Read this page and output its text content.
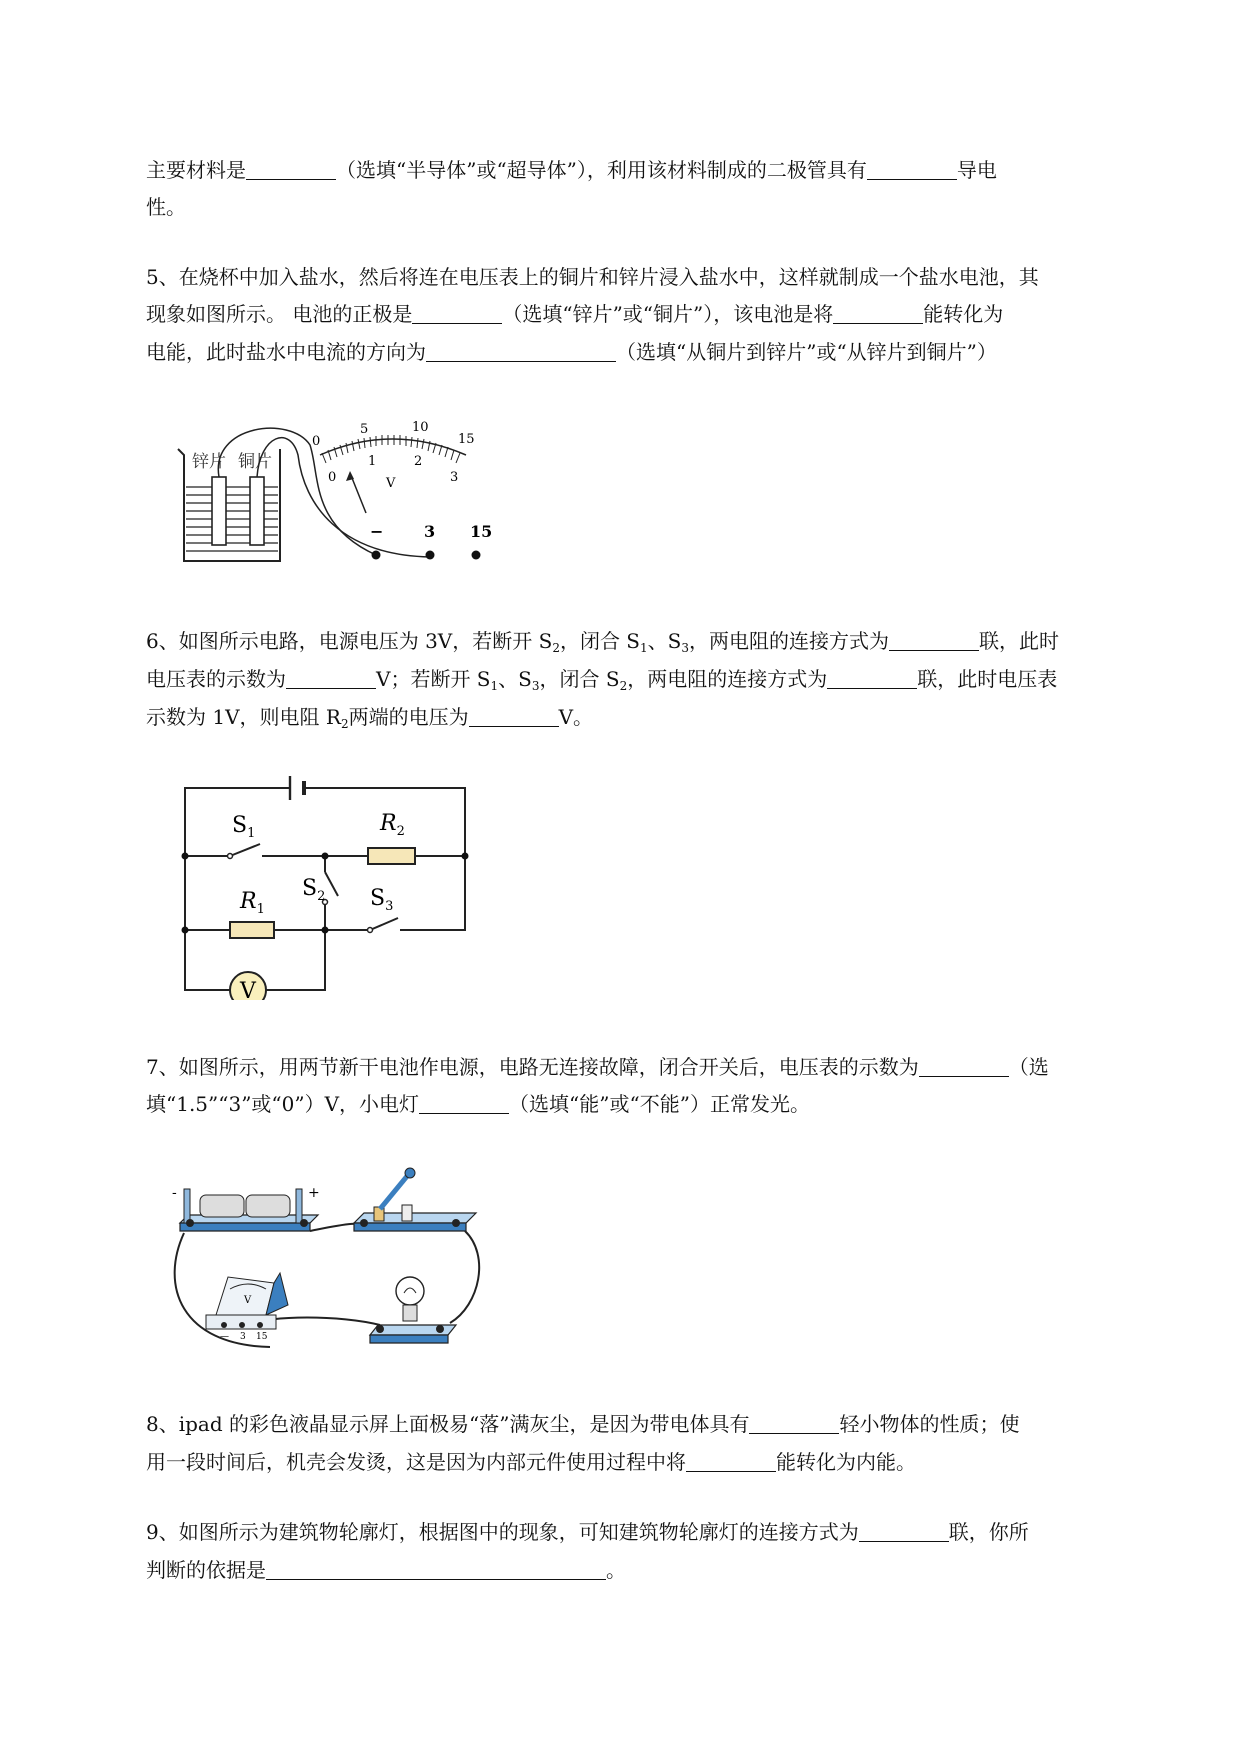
主要材料是	（选填“半导体”或“超导体”），利用该材料制成的二极管具有	导电
性。
5、在烧杯中加入盐水，然后将连在电压表上的铜片和锌片浸入盐水中，这样就制成一个盐水电池，其
现象如图所示。 电池的正极是	（选填“锌片”或“铜片”），该电池是将	能转化为
电能，此时盐水中电流的方向为	（选填“从铜片到锌片”或“从锌片到铜片”）
锌片 铜片
0
5	10
15
0
1	2
3
V
−	3 15
6、如图所示电路，电源电压为 3V，若断开 $S_2$，闭合 $S_1$、$S_3$，两电阻的连接方式为	联，此时
电压表的示数为	V；若断开 $S_1$、$S_3$，闭合 $S_2$，两电阻的连接方式为	联，此时电压表
示数为 1V，则电阻 $R_2$两端的电压为	V。
V
$S_1$	$R_2$
$S_2$ $S_3$
$R_1$
7、如图所示，用两节新干电池作电源，电路无连接故障，闭合开关后，电压表的示数为	（选
填“1.5”“3”或“0”）V，小电灯	（选填“能”或“不能”）正常发光。
-	+
V
— 3 15
8、ipad 的彩色液晶显示屏上面极易“落”满灰尘，是因为带电体具有	轻小物体的性质；使
用一段时间后，机壳会发烫，这是因为内部元件使用过程中将	能转化为内能。
9、如图所示为建筑物轮廓灯，根据图中的现象，可知建筑物轮廓灯的连接方式为	联，你所
判断的依据是	。
